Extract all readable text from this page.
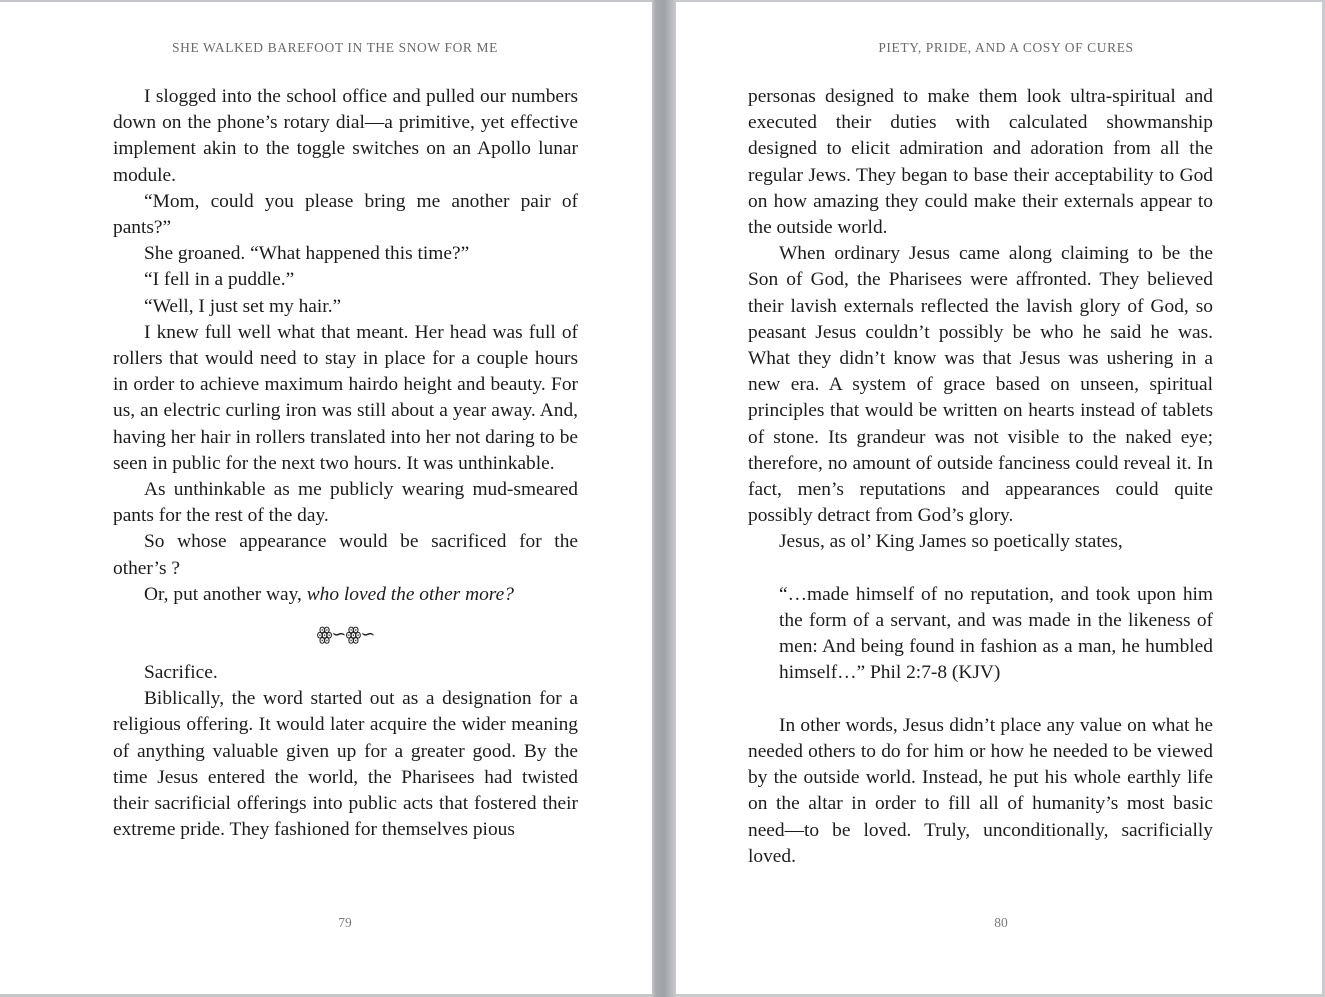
SHE WALKED BAREFOOT IN THE SNOW FOR ME

I slogged into the school office and pulled our numbers down on the phone’s rotary dial—a primitive, yet effective implement akin to the toggle switches on an Apollo lunar module.

“Mom, could you please bring me another pair of pants?”

She groaned. “What happened this time?”

“I fell in a puddle.”

“Well, I just set my hair.”

I knew full well what that meant. Her head was full of rollers that would need to stay in place for a couple hours in order to achieve maximum hairdo height and beauty. For us, an electric curling iron was still about a year away. And, having her hair in rollers translated into her not daring to be seen in public for the next two hours. It was unthinkable.

As unthinkable as me publicly wearing mud-smeared pants for the rest of the day.

So whose appearance would be sacrificed for the other’s ?

Or, put another way, who loved the other more?

ꙮ∽ꙮ∽

Sacrifice.

Biblically, the word started out as a designation for a religious offering. It would later acquire the wider meaning of anything valuable given up for a greater good. By the time Jesus entered the world, the Pharisees had twisted their sacrificial offerings into public acts that fostered their extreme pride. They fashioned for themselves pious

79

PIETY, PRIDE, AND A COSY OF CURES

personas designed to make them look ultra-spiritual and executed their duties with calculated showmanship designed to elicit admiration and adoration from all the regular Jews. They began to base their acceptability to God on how amazing they could make their externals appear to the outside world.

When ordinary Jesus came along claiming to be the Son of God, the Pharisees were affronted. They believed their lavish externals reflected the lavish glory of God, so peasant Jesus couldn’t possibly be who he said he was. What they didn’t know was that Jesus was ushering in a new era. A system of grace based on unseen, spiritual principles that would be written on hearts instead of tablets of stone. Its grandeur was not visible to the naked eye; therefore, no amount of outside fanciness could reveal it. In fact, men’s reputations and appearances could quite possibly detract from God’s glory.

Jesus, as ol’ King James so poetically states,

“…made himself of no reputation, and took upon him the form of a servant, and was made in the likeness of men: And being found in fashion as a man, he humbled himself…” Phil 2:7-8 (KJV)

In other words, Jesus didn’t place any value on what he needed others to do for him or how he needed to be viewed by the outside world. Instead, he put his whole earthly life on the altar in order to fill all of humanity’s most basic need—to be loved. Truly, unconditionally, sacrificially loved.

80
